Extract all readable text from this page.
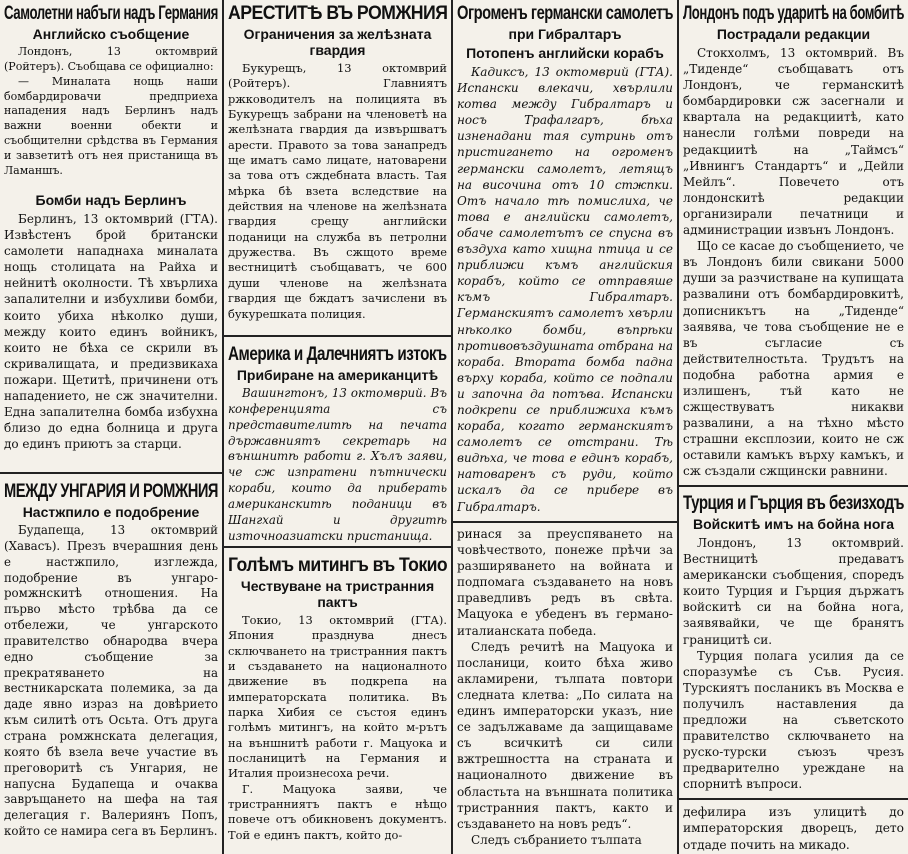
Самолетни набъги надъ Германия
Английско съобщение

Лондонъ, 13 октомврий (Ройтеръ). Съобщава се официално:

— Миналата нощь наши бомбардировачи предприеха нападения надъ Берлинъ надъ важни военни обекти и съобщителни срѣдства въ Германия и завзетитѣ отъ нея пристанища въ Ламаншъ.

Бомби надъ Берлинъ

Берлинъ, 13 октомврий (ГТА). Извѣстенъ брой британски самолети нападнаха миналата нощь столицата на Райха и нейнитѣ околности. Тѣ хвърлиха запалителни и избухливи бомби, които убиха нѣколко души, между които единъ войникъ, които не бѣха се скрили въ скривалищата, и предизвикаха пожари. Щетитѣ, причинени отъ нападението, не сж значителни. Една запалителна бомба избухна близо до една болница и друга до единъ приютъ за старци.

МЕЖДУ УНГАРИЯ И РОМЖНИЯ
Настжпило е подобрение

Будапеща, 13 октомврий (Хавасъ). Презъ вчерашния день е настжпило, изглежда, подобрение въ унгаро-ромжнскитѣ отношения. На първо мѣсто трѣбва да се отбележи, че унгарското правителство обнародва вчера едно съобщение за прекратяването на вестникарската полемика, за да даде явно израз на довѣрието към силитѣ отъ Осьта. Отъ друга страна ромжнската делегация, която бѣ взела вече участие въ преговоритѣ съ Унгария, не напусна Будапеща и очаква завръщането на шефа на тая делегация г. Валериянъ Попъ, който се намира сега въ Берлинъ.

АРЕСТИТѢ ВЪ РОМЖНИЯ
Ограничения за желѣзната гвардия

Букурещъ, 13 октомврий (Ройтеръ). Главниятъ ржководителъ на полицията въ Букурещъ забрани на членоветѣ на желѣзната гвардия да извършватъ арести. Правото за това занапредъ ще иматъ само лицате, натоварени за това отъ сждебната власть. Тая мѣрка бѣ взета вследствие на действия на членове на желѣзната гвардия срещу английски поданици на служба въ петролни дружества. Въ сжщото време вестницитѣ съобщаватъ, че 600 души членове на желѣзната гвардия ще бждатъ зачислени въ букурешката полиция.

Америка и Далечниятъ изтокъ
Прибиране на американцитѣ

Вашингтонъ, 13 октомврий. Въ конференцията съ представителитѣ на печата държавниятъ секретарь на външнитѣ работи г. Хълъ заяви, че сж изпратени пътнически кораби, които да приберать американскитѣ поданици въ Шангхай и другитѣ източноазиатски пристанища.

Голѣмъ митингъ въ Токио
Чествуване на тристранния пактъ

Токио, 13 октомврий (ГТА). Япония празднува днесъ сключването на тристранния пактъ и създаването на националното движение въ подкрепа на императорската политика. Въ парка Хибия се състоя единъ голѣмъ митингъ, на който м-рътъ на външнитѣ работи г. Мацуока и посланицитѣ на Германия и Италия произнесоха речи.

Г. Мацуока заяви, че тристранниятъ пактъ е нѣщо повече отъ обикновенъ документъ. Той е единъ пактъ, който до-

Огроменъ германски самолетъ
при Гибралтаръ
Потопенъ английски корабъ

Кадиксъ, 13 октомврий (ГТА). Испански влекачи, хвърлили котва между Гибралтаръ и носъ Трафалгаръ, бѣха изненадани тая сутринь отъ пристигането на огроменъ германски самолетъ, летящъ на височина отъ 10 стжпки. Отъ начало тѣ помислиха, че това е английски самолетъ, обаче самолетътъ се спусна въ въздуха като хищна птица и се приближи къмъ английския корабъ, който се отправяше къмъ Гибралтаръ. Германскиятъ самолетъ хвърли нѣколко бомби, въпрѣки противовъздушната отбрана на кораба. Втората бомба падна върху кораба, който се подпали и започна да потъва. Испански подкрепи се приближиха къмъ кораба, когато германскиятъ самолетъ се отстрани. Тѣ видѣха, че това е единъ корабъ, натоваренъ съ руди, който искалъ да се прибере въ Гибралтаръ.

ринася за преуспяването на човѣчеството, понеже прѣчи за разширяването на войната и подпомага създаването на новъ праведливъ редъ въ свѣта. Мацуока е убеденъ въ германо-италианската победа.

Следъ речитѣ на Мацуока и посланици, които бѣха живо акламирени, тълпата повтори следната клетва: „По силата на единъ императорски указъ, ние се задължаваме да защищаваме съ всичкитѣ си сили вжтрешността на страната и националното движение въ областьта на външната политика тристранния пактъ, както и създаването на новъ редъ“.

Следъ събранието тълпата

Лондонъ подъ ударитѣ на бомбитѣ
Пострадали редакции

Стокхолмъ, 13 октомврий. Въ „Тиденде“ съобщаватъ отъ Лондонъ, че германскитѣ бомбардировки сж засегнали и квартала на редакциитѣ, като нанесли голѣми повреди на редакциитѣ на „Таймсъ“ „Ивнингъ Стандартъ“ и „Дейли Мейлъ“. Повечето отъ лондонскитѣ редакции организирали печатници и администрации извънъ Лондонъ.

Що се касае до съобщението, че въ Лондонъ били свикани 5000 души за разчистване на купищата развалини отъ бомбардировкитѣ, дописникътъ на „Тиденде“ заявява, че това съобщение не е въ съгласие съ действителностьта. Трудътъ на подобна работна армия е излишенъ, тъй като не сжществуватъ никакви развалини, а на тѣхно мѣсто страшни експлозии, които не сж оставили камъкъ върху камъкъ, и сж създали сжщински равнини.

Турция и Гърция въ безизходъ
Войскитѣ имъ на бойна нога

Лондонъ, 13 октомврий. Вестницитѣ предаватъ американски съобщения, споредъ които Турция и Гърция държатъ войскитѣ си на бойна нога, заявявайки, че ще бранятъ границитѣ си.

Турция полага усилия да се споразумѣе съ Съв. Русия. Турскиятъ посланикъ въ Москва е получилъ наставления да предложи на съветското правителство сключването на руско-турски съюзъ чрезъ предварително уреждане на спорнитѣ въпроси.

дефилира изъ улицитѣ до императорския дворецъ, дето отдаде почить на микадо.
